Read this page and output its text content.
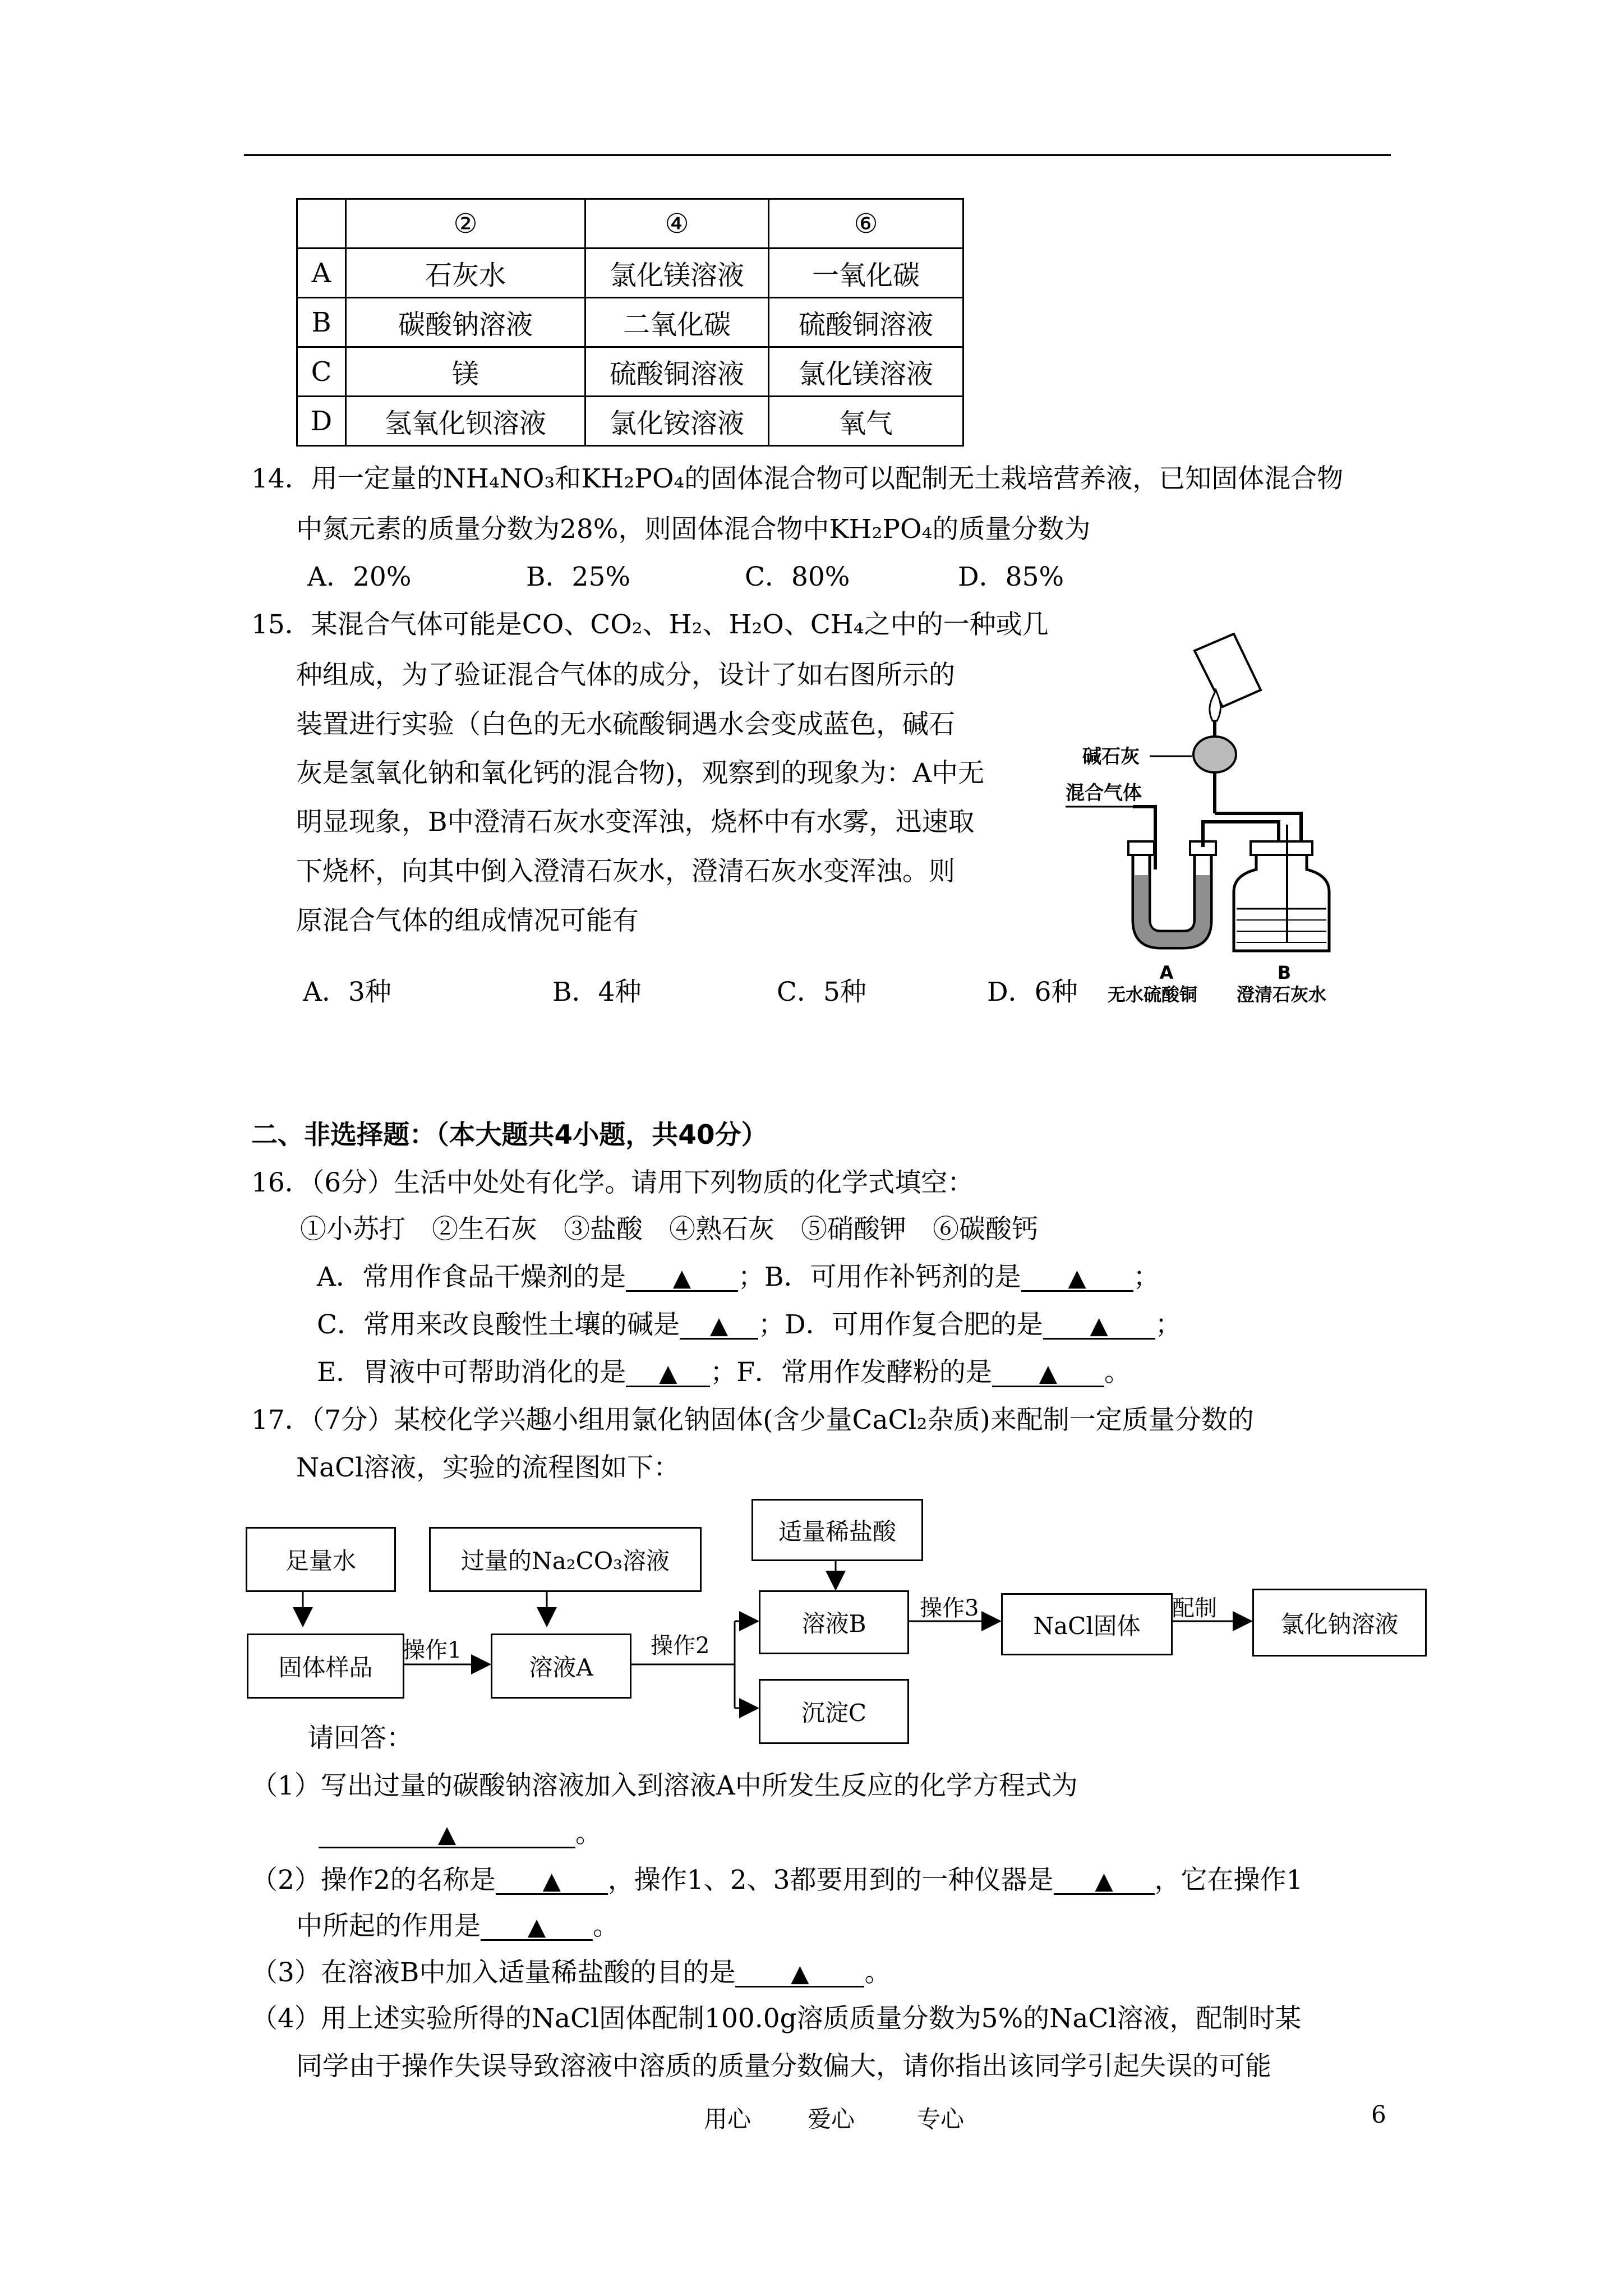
	②	④	⑥
A	石灰水	氯化镁溶液	一氧化碳
B	碳酸钠溶液	二氧化碳	硫酸铜溶液
C	镁	硫酸铜溶液	氯化镁溶液
D	氢氧化钡溶液	氯化铵溶液	氧气
14．用一定量的NH₄NO₃和KH₂PO₄的固体混合物可以配制无土栽培营养液，已知固体混合物
中氮元素的质量分数为28%，则固体混合物中KH₂PO₄的质量分数为
A．20%	B．25%	C．80%	D．85%
15．某混合气体可能是CO、CO₂、H₂、H₂O、CH₄之中的一种或几
种组成，为了验证混合气体的成分，设计了如右图所示的
装置进行实验（白色的无水硫酸铜遇水会变成蓝色，碱石
灰是氢氧化钠和氧化钙的混合物)，观察到的现象为：A中无
明显现象，B中澄清石灰水变浑浊，烧杯中有水雾，迅速取
下烧杯，向其中倒入澄清石灰水，澄清石灰水变浑浊。则
原混合气体的组成情况可能有
A．3种	B．4种	C．5种	D．6种
碱石灰
混合气体
A	B
无水硫酸铜 澄清石灰水
二、非选择题：（本大题共4小题，共40分）
16．（6分）生活中处处有化学。请用下列物质的化学式填空：
①小苏打　②生石灰　③盐酸　④熟石灰　⑤硝酸钾　⑥碳酸钙
A．常用作食品干燥剂的是 ▲ ；B．可用作补钙剂的是 ▲ ；
C．常用来改良酸性土壤的碱是 ▲ ；D．可用作复合肥的是 ▲ ；
E．胃液中可帮助消化的是 ▲ ；F．常用作发酵粉的是 ▲ 。
17．（7分）某校化学兴趣小组用氯化钠固体(含少量CaCl₂杂质)来配制一定质量分数的
NaCl溶液，实验的流程图如下：
足量水	过量的Na₂CO₃溶液
适量稀盐酸
固体样品	溶液A
溶液B
沉淀C
NaCl固体	氯化钠溶液
操作1	操作2
操作3	配制
请回答：
（1）写出过量的碳酸钠溶液加入到溶液A中所发生反应的化学方程式为
▲	。
（2）操作2的名称是 ▲ ，操作1、2、3都要用到的一种仪器是 ▲ ，它在操作1
中所起的作用是 ▲ 。
（3）在溶液B中加入适量稀盐酸的目的是 ▲ 。
（4）用上述实验所得的NaCl固体配制100.0g溶质质量分数为5%的NaCl溶液，配制时某
同学由于操作失误导致溶液中溶质的质量分数偏大，请你指出该同学引起失误的可能
用心 爱心	专心	6
